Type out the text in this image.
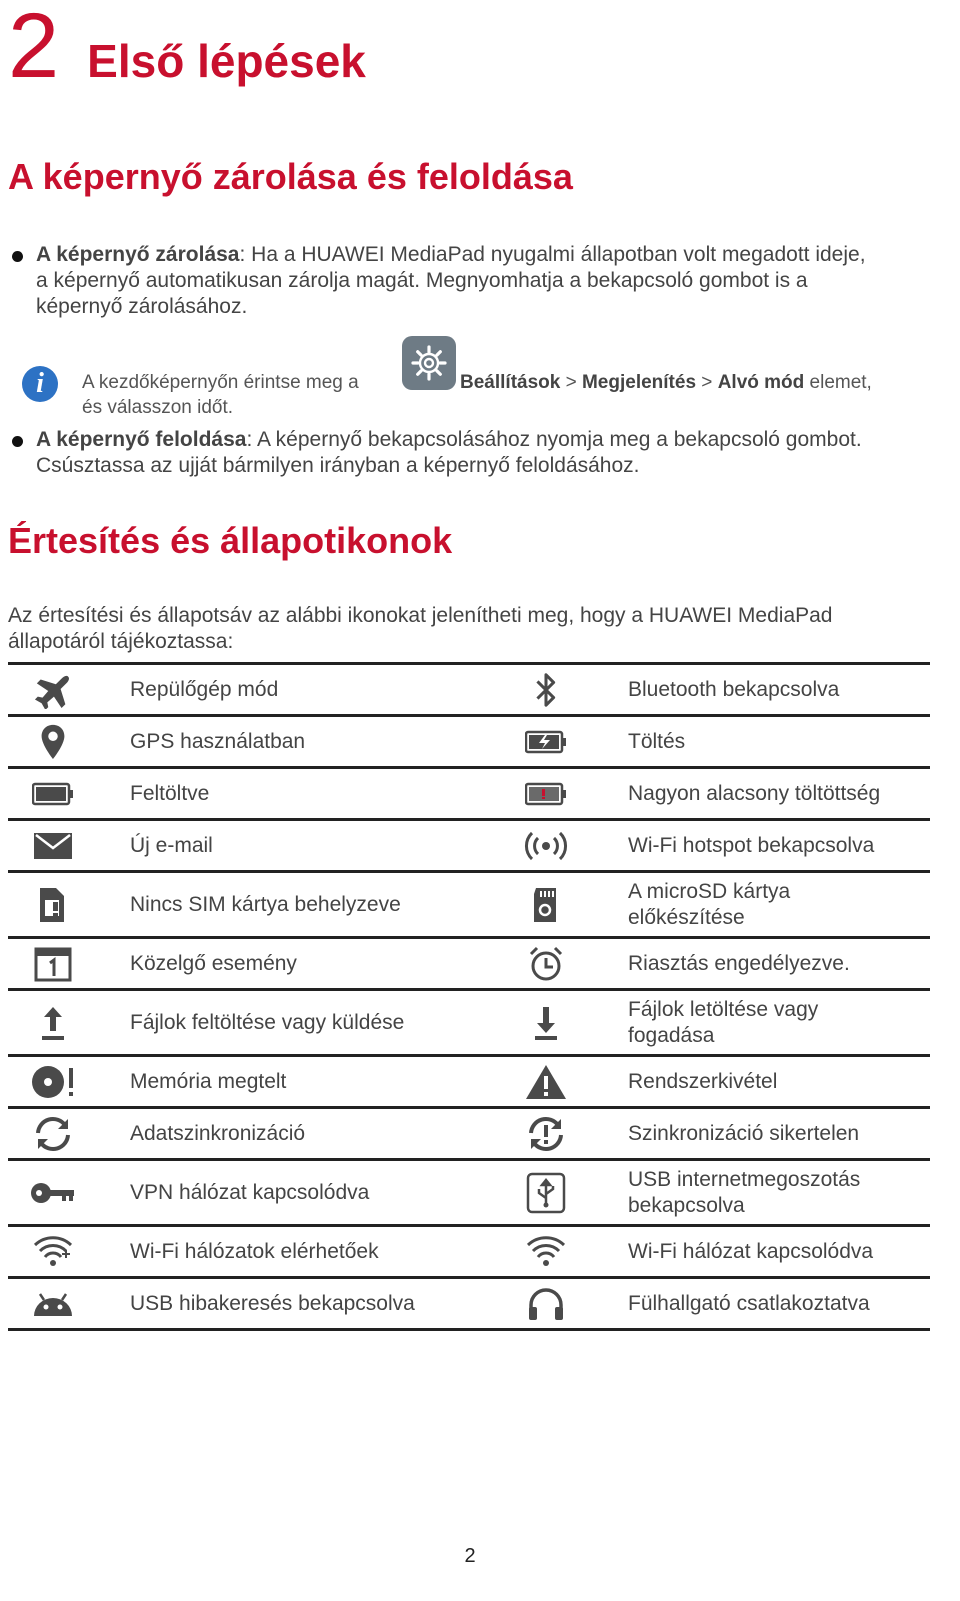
2 Első lépések
A képernyő zárolása és feloldása
A képernyő zárolása: Ha a HUAWEI MediaPad nyugalmi állapotban volt megadott ideje,
a képernyő automatikusan zárolja magát. Megnyomhatja a bekapcsoló gombot is a
képernyő zárolásához.
i	A kezdőképernyőn érintse meg a	Beállítások > Megjelenítés > Alvó mód elemet,
és válasszon időt.
A képernyő feloldása: A képernyő bekapcsolásához nyomja meg a bekapcsoló gombot.
Csúsztassa az ujját bármilyen irányban a képernyő feloldásához.
Értesítés és állapotikonok
Az értesítési és állapotsáv az alábbi ikonokat jelenítheti meg, hogy a HUAWEI MediaPad
állapotáról tájékoztassa:
	Repülőgép mód		Bluetooth bekapcsolva
	GPS használatban		Töltés
	Feltöltve		Nagyon alacsony töltöttség
	Új e-mail		Wi-Fi hotspot bekapcsolva
	Nincs SIM kártya behelyzeve		A microSD kártya
előkészítése
	Közelgő esemény		Riasztás engedélyezve.
	Fájlok feltöltése vagy küldése		Fájlok letöltése vagy
fogadása
	Memória megtelt		Rendszerkivétel
	Adatszinkronizáció		Szinkronizáció sikertelen
	VPN hálózat kapcsolódva		USB internetmegoszotás
bekapcsolva
	Wi-Fi hálózatok elérhetőek		Wi-Fi hálózat kapcsolódva
	USB hibakeresés bekapcsolva		Fülhallgató csatlakoztatva
2
